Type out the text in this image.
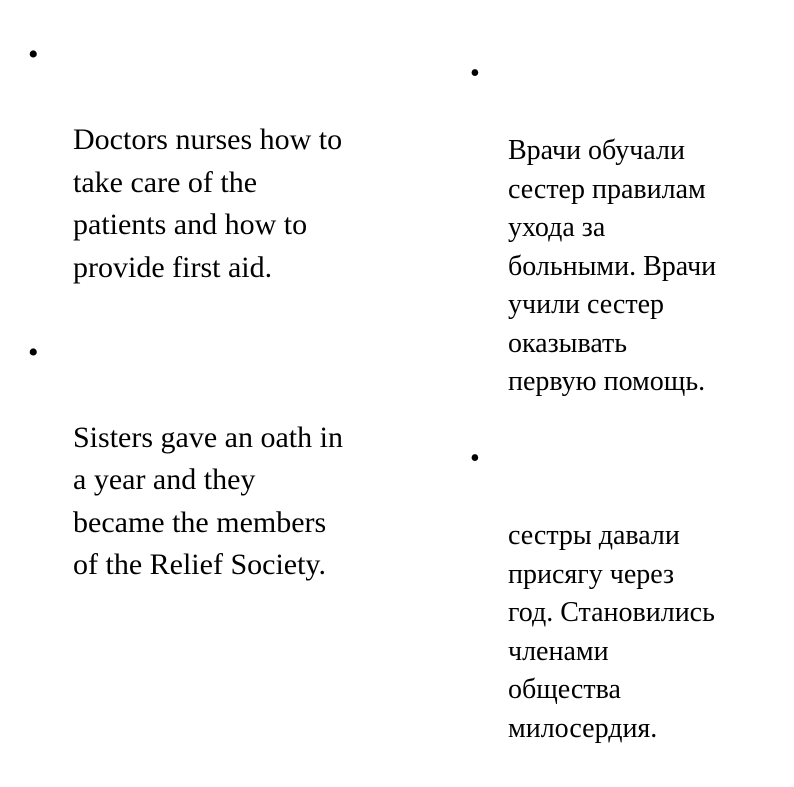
•

Doctors nurses how to
take care of the
patients and how to
provide first aid.

•

Sisters gave an oath in
a year and they
became the members
of the Relief Society.

•

Врачи обучали
сестер правилам
ухода за
больными. Врачи
учили сестер
оказывать
первую помощь.

•

сестры давали
присягу через
год. Становились
членами
общества
милосердия.
